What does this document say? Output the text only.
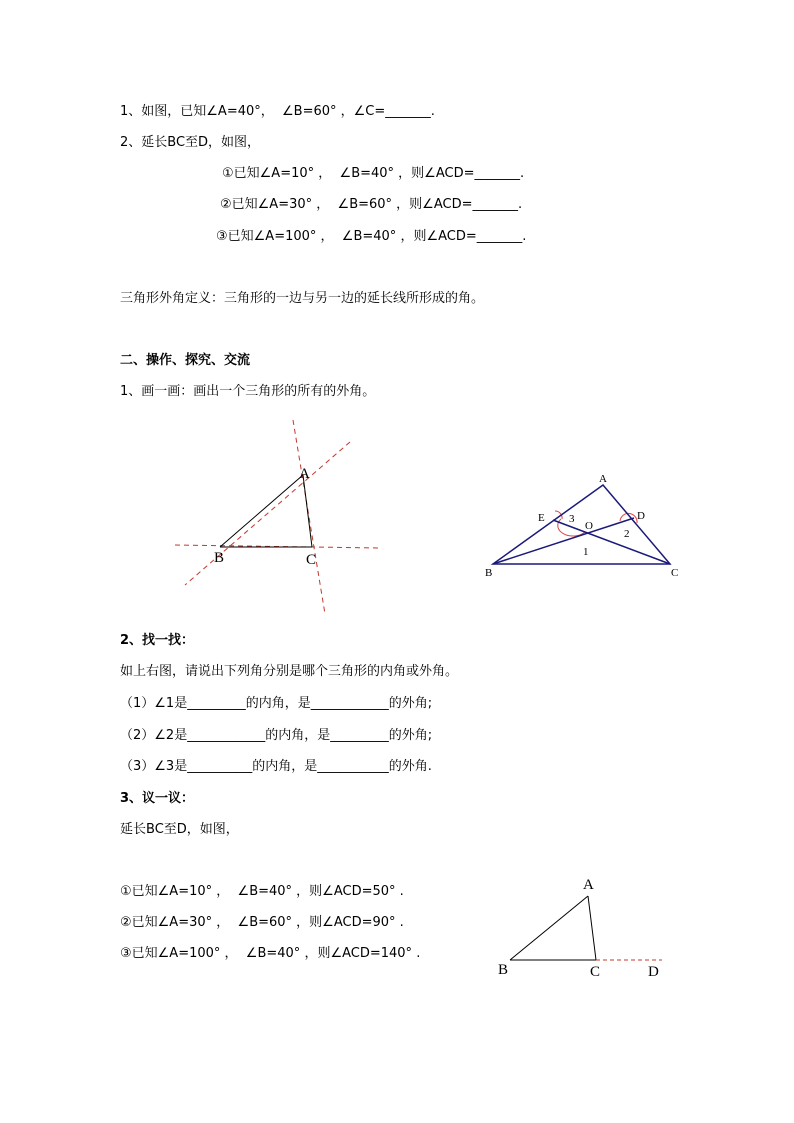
1、如图，已知∠A=40°，  ∠B=60° ，∠C=_______.
2、延长BC至D，如图，
①已知∠A=10° ，  ∠B=40° ，则∠ACD=_______.
②已知∠A=30° ，  ∠B=60° ，则∠ACD=_______.
③已知∠A=100° ，  ∠B=40° ，则∠ACD=_______.
三角形外角定义：三角形的一边与另一边的延长线所形成的角。
二、操作、探究、交流
1、画一画：画出一个三角形的所有的外角。
A
B	C
A
B	C
D
E
O
1
2
3
2、找一找：
如上右图，请说出下列角分别是哪个三角形的内角或外角。
（1）∠1是_________的内角，是____________的外角;
（2）∠2是____________的内角，是_________的外角;
（3）∠3是__________的内角，是___________的外角.
3、议一议：
延长BC至D，如图，
①已知∠A=10° ，  ∠B=40° ，则∠ACD=50° .
②已知∠A=30° ，  ∠B=60° ，则∠ACD=90° .
③已知∠A=100° ，  ∠B=40° ，则∠ACD=140° .
A
B	C	D
